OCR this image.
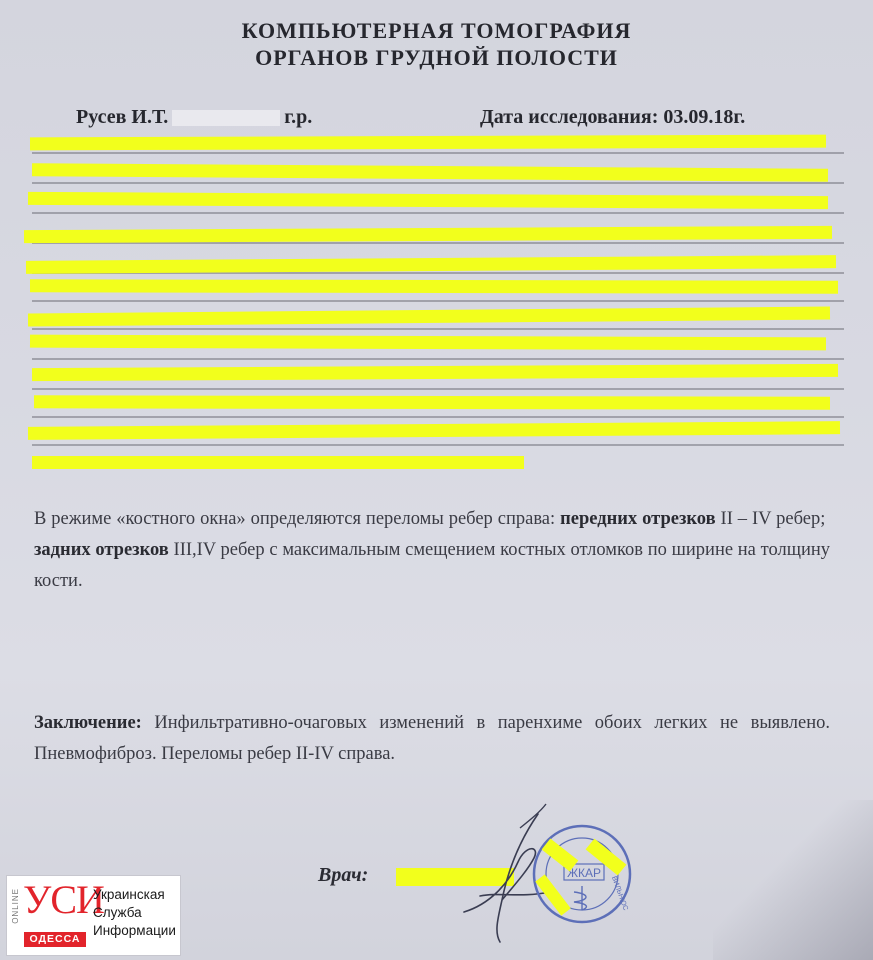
КОМПЬЮТЕРНАЯ ТОМОГРАФИЯ
ОРГАНОВ ГРУДНОЙ ПОЛОСТИ
Русев И.Т.	г.р.	Дата исследования: 03.09.18г.

В режиме «костного окна» определяются переломы ребер справа: передних отрезков II – IV ребер;  задних отрезков III,IV ребер с максимальным смещением костных отломков по ширине на толщину кости.

Заключение: Инфильтративно-очаговых изменений в паренхиме обоих легких не выявлено. Пневмофиброз. Переломы ребер II-IV справа.

Врач:	ЖКАР
ВИЛЬНЮС
ONLINE УСИ
ОДЕССА
Украинская
Служба
Информации
